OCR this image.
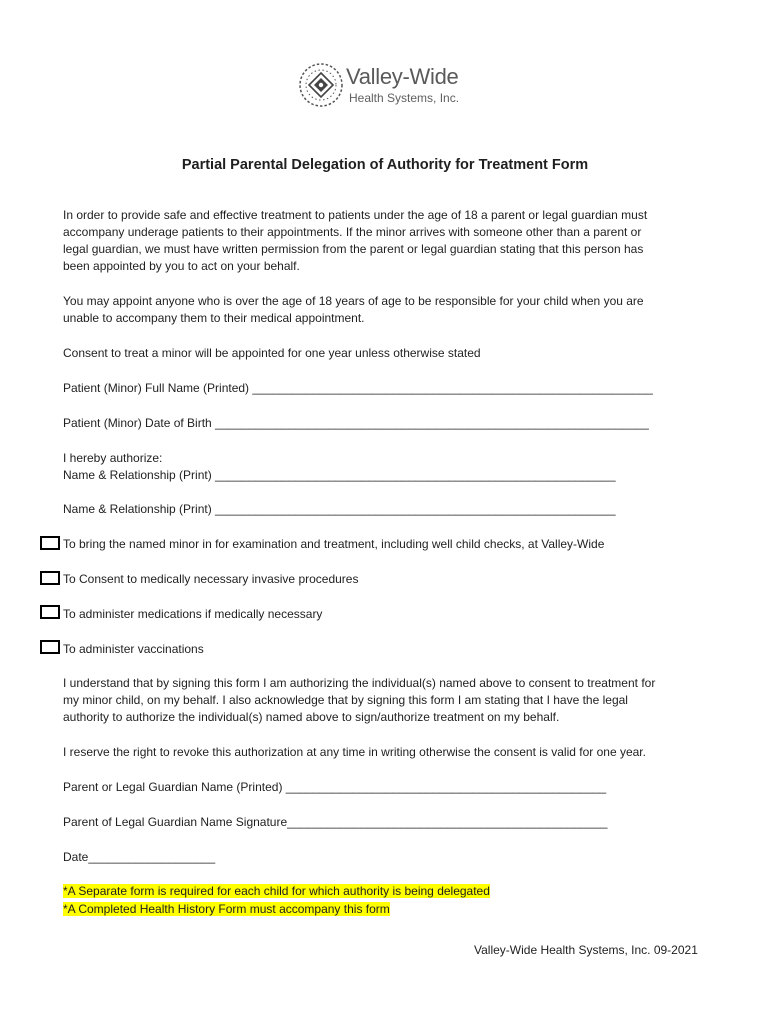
Valley-Wide
Health Systems, Inc.
Partial Parental Delegation of Authority for Treatment Form
In order to provide safe and effective treatment to patients under the age of 18 a parent or legal guardian must
accompany underage patients to their appointments. If the minor arrives with someone other than a parent or
legal guardian, we must have written permission from the parent or legal guardian stating that this person has
been appointed by you to act on your behalf.
You may appoint anyone who is over the age of 18 years of age to be responsible for your child when you are
unable to accompany them to their medical appointment.
Consent to treat a minor will be appointed for one year unless otherwise stated
Patient (Minor) Full Name (Printed) ____________________________________________________________
Patient (Minor) Date of Birth _________________________________________________________________
I hereby authorize:
Name & Relationship (Print) ____________________________________________________________
Name & Relationship (Print) ____________________________________________________________
To bring the named minor in for examination and treatment, including well child checks, at Valley-Wide
To Consent to medically necessary invasive procedures
To administer medications if medically necessary
To administer vaccinations
I understand that by signing this form I am authorizing the individual(s) named above to consent to treatment for
my minor child, on my behalf. I also acknowledge that by signing this form I am stating that I have the legal
authority to authorize the individual(s) named above to sign/authorize treatment on my behalf.
I reserve the right to revoke this authorization at any time in writing otherwise the consent is valid for one year.
Parent or Legal Guardian Name (Printed) ________________________________________________
Parent of Legal Guardian Name Signature________________________________________________
Date___________________
*A Separate form is required for each child for which authority is being delegated
*A Completed Health History Form must accompany this form
Valley-Wide Health Systems, Inc. 09-2021
